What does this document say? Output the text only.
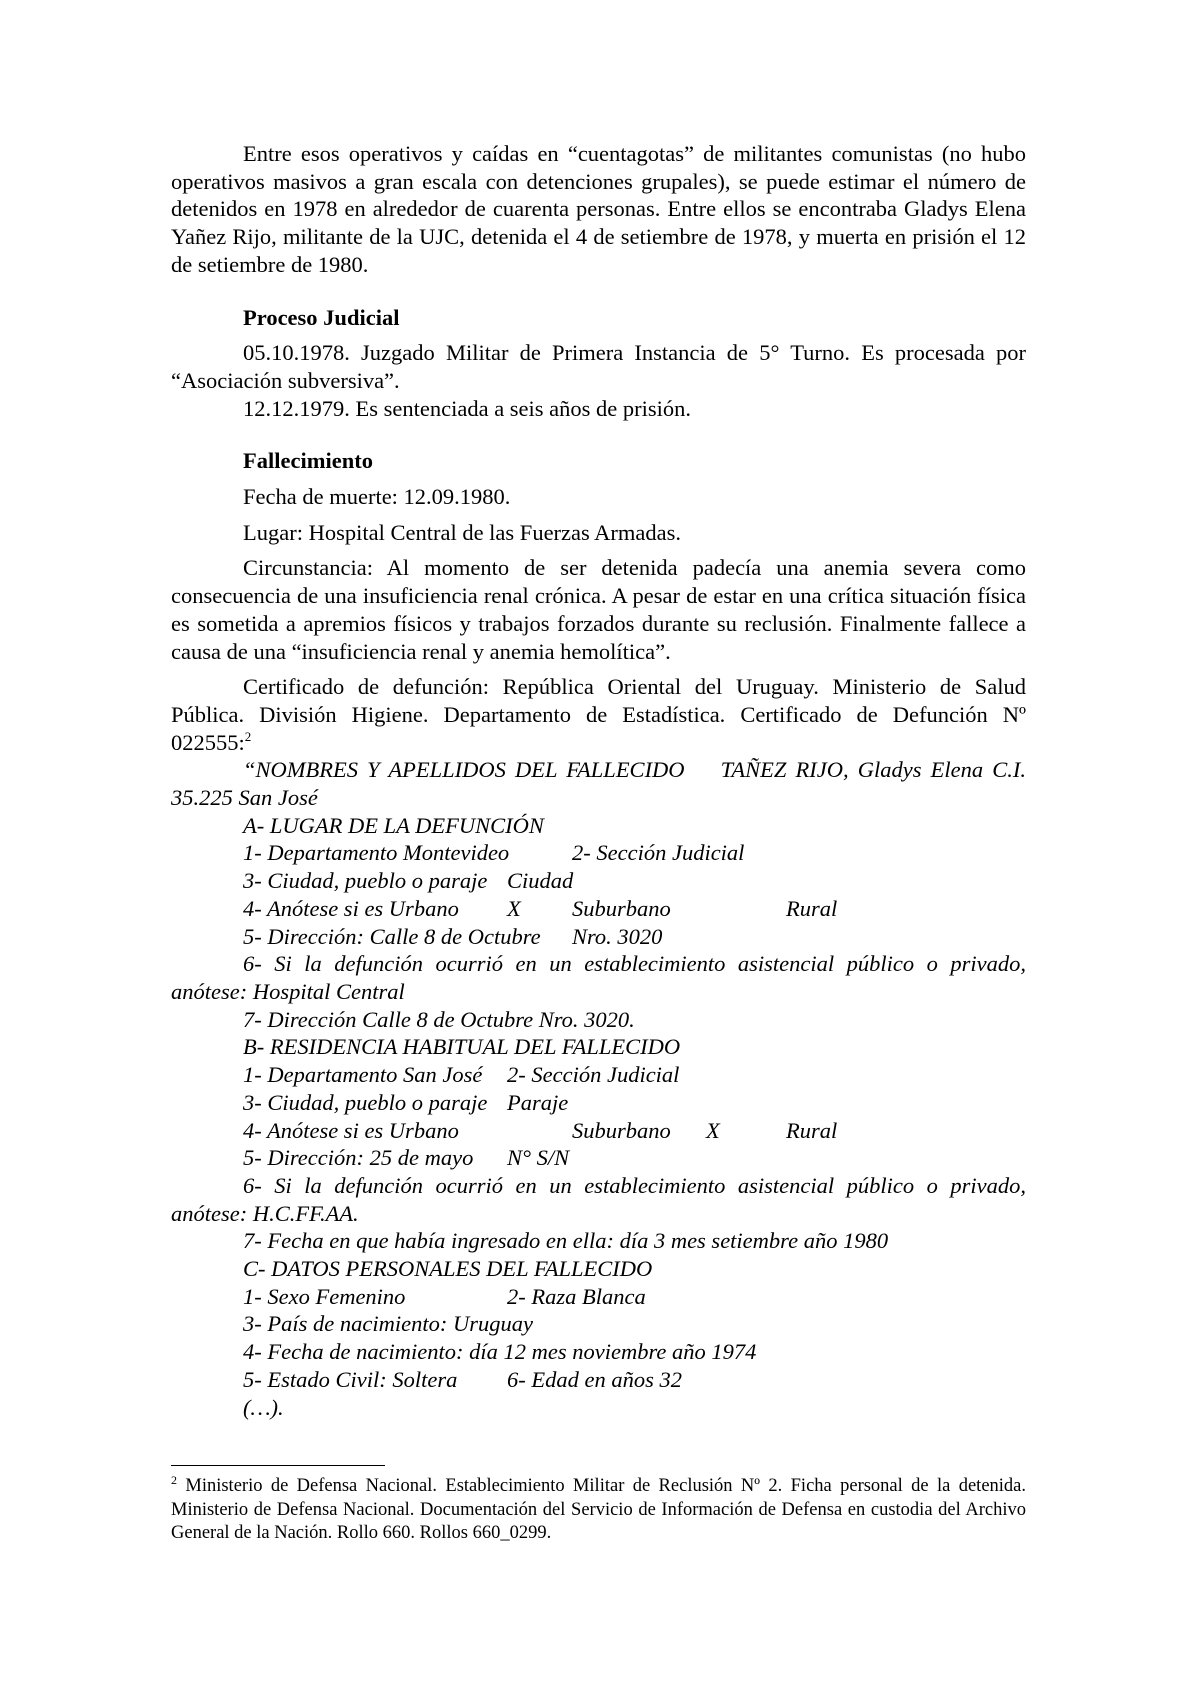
Entre esos operativos y caídas en “cuentagotas” de militantes comunistas (no hubo operativos masivos a gran escala con detenciones grupales), se puede estimar el número de detenidos en 1978 en alrededor de cuarenta personas. Entre ellos se encontraba Gladys Elena Yañez Rijo, militante de la UJC, detenida el 4 de setiembre de 1978, y muerta en prisión el 12 de setiembre de 1980.

Proceso Judicial

05.10.1978. Juzgado Militar de Primera Instancia de 5° Turno. Es procesada por “Asociación subversiva”.

12.12.1979. Es sentenciada a seis años de prisión.

Fallecimiento

Fecha de muerte: 12.09.1980.

Lugar: Hospital Central de las Fuerzas Armadas.

Circunstancia: Al momento de ser detenida padecía una anemia severa como consecuencia de una insuficiencia renal crónica. A pesar de estar en una crítica situación física es sometida a apremios físicos y trabajos forzados durante su reclusión. Finalmente fallece a causa de una “insuficiencia renal y anemia hemolítica”.

Certificado de defunción: República Oriental del Uruguay. Ministerio de Salud Pública. División Higiene. Departamento de Estadística. Certificado de Defunción Nº 022555:$^2$

“NOMBRES Y APELLIDOS DEL FALLECIDO TAÑEZ RIJO, Gladys Elena C.I. 35.225 San José

A- LUGAR DE LA DEFUNCIÓN

1- Departamento Montevideo	2- Sección Judicial

3- Ciudad, pueblo o paraje Ciudad

4- Anótese si es Urbano X Suburbano	Rural

5- Dirección: Calle 8 de Octubre Nro. 3020

6- Si la defunción ocurrió en un establecimiento asistencial público o privado, anótese: Hospital Central

7- Dirección Calle 8 de Octubre Nro. 3020.

B- RESIDENCIA HABITUAL DEL FALLECIDO

1- Departamento San José 2- Sección Judicial

3- Ciudad, pueblo o paraje Paraje

4- Anótese si es Urbano	Suburbano X	Rural

5- Dirección: 25 de mayo N° S/N

6- Si la defunción ocurrió en un establecimiento asistencial público o privado, anótese: H.C.FF.AA.

7- Fecha en que había ingresado en ella: día 3 mes setiembre año 1980

C- DATOS PERSONALES DEL FALLECIDO

1- Sexo Femenino	2- Raza Blanca

3- País de nacimiento: Uruguay

4- Fecha de nacimiento: día 12 mes noviembre año 1974

5- Estado Civil: Soltera 6- Edad en años 32

(…).

$^2$ Ministerio de Defensa Nacional. Establecimiento Militar de Reclusión Nº 2. Ficha personal de la detenida. Ministerio de Defensa Nacional. Documentación del Servicio de Información de Defensa en custodia del Archivo General de la Nación. Rollo 660. Rollos 660_0299.
